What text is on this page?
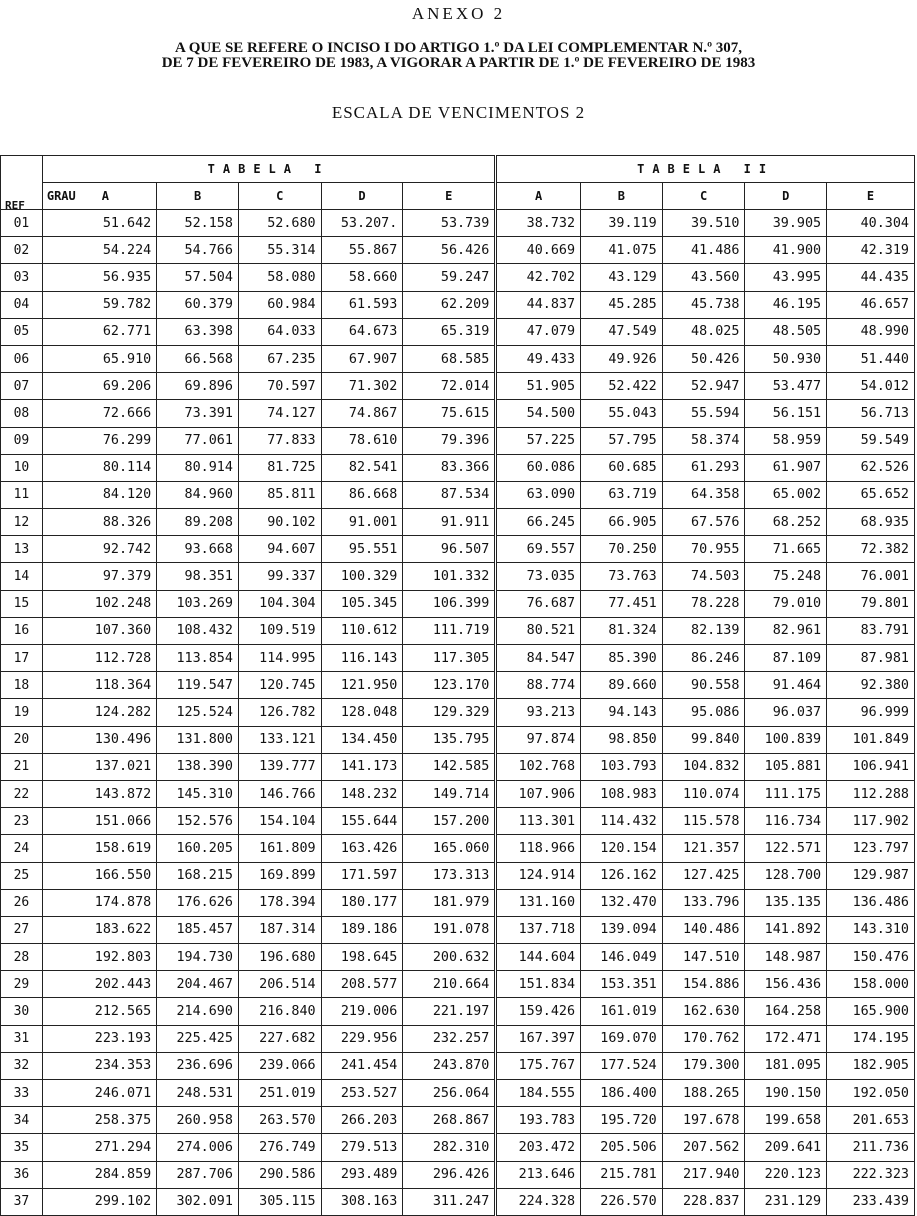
ANEXO 2
A QUE SE REFERE O INCISO I DO ARTIGO 1.º DA LEI COMPLEMENTAR N.º 307,
DE 7 DE FEVEREIRO DE 1983, A VIGORAR A PARTIR DE 1.º DE FEVEREIRO DE 1983
ESCALA DE VENCIMENTOS 2
REF	TABELA I					TABELA II				
	GRAU A	B	C	D	E	A	B	C	D	E
01	51.642	52.158	52.680	53.207.	53.739	38.732	39.119	39.510	39.905	40.304
02	54.224	54.766	55.314	55.867	56.426	40.669	41.075	41.486	41.900	42.319
03	56.935	57.504	58.080	58.660	59.247	42.702	43.129	43.560	43.995	44.435
04	59.782	60.379	60.984	61.593	62.209	44.837	45.285	45.738	46.195	46.657
05	62.771	63.398	64.033	64.673	65.319	47.079	47.549	48.025	48.505	48.990
06	65.910	66.568	67.235	67.907	68.585	49.433	49.926	50.426	50.930	51.440
07	69.206	69.896	70.597	71.302	72.014	51.905	52.422	52.947	53.477	54.012
08	72.666	73.391	74.127	74.867	75.615	54.500	55.043	55.594	56.151	56.713
09	76.299	77.061	77.833	78.610	79.396	57.225	57.795	58.374	58.959	59.549
10	80.114	80.914	81.725	82.541	83.366	60.086	60.685	61.293	61.907	62.526
11	84.120	84.960	85.811	86.668	87.534	63.090	63.719	64.358	65.002	65.652
12	88.326	89.208	90.102	91.001	91.911	66.245	66.905	67.576	68.252	68.935
13	92.742	93.668	94.607	95.551	96.507	69.557	70.250	70.955	71.665	72.382
14	97.379	98.351	99.337	100.329	101.332	73.035	73.763	74.503	75.248	76.001
15	102.248	103.269	104.304	105.345	106.399	76.687	77.451	78.228	79.010	79.801
16	107.360	108.432	109.519	110.612	111.719	80.521	81.324	82.139	82.961	83.791
17	112.728	113.854	114.995	116.143	117.305	84.547	85.390	86.246	87.109	87.981
18	118.364	119.547	120.745	121.950	123.170	88.774	89.660	90.558	91.464	92.380
19	124.282	125.524	126.782	128.048	129.329	93.213	94.143	95.086	96.037	96.999
20	130.496	131.800	133.121	134.450	135.795	97.874	98.850	99.840	100.839	101.849
21	137.021	138.390	139.777	141.173	142.585	102.768	103.793	104.832	105.881	106.941
22	143.872	145.310	146.766	148.232	149.714	107.906	108.983	110.074	111.175	112.288
23	151.066	152.576	154.104	155.644	157.200	113.301	114.432	115.578	116.734	117.902
24	158.619	160.205	161.809	163.426	165.060	118.966	120.154	121.357	122.571	123.797
25	166.550	168.215	169.899	171.597	173.313	124.914	126.162	127.425	128.700	129.987
26	174.878	176.626	178.394	180.177	181.979	131.160	132.470	133.796	135.135	136.486
27	183.622	185.457	187.314	189.186	191.078	137.718	139.094	140.486	141.892	143.310
28	192.803	194.730	196.680	198.645	200.632	144.604	146.049	147.510	148.987	150.476
29	202.443	204.467	206.514	208.577	210.664	151.834	153.351	154.886	156.436	158.000
30	212.565	214.690	216.840	219.006	221.197	159.426	161.019	162.630	164.258	165.900
31	223.193	225.425	227.682	229.956	232.257	167.397	169.070	170.762	172.471	174.195
32	234.353	236.696	239.066	241.454	243.870	175.767	177.524	179.300	181.095	182.905
33	246.071	248.531	251.019	253.527	256.064	184.555	186.400	188.265	190.150	192.050
34	258.375	260.958	263.570	266.203	268.867	193.783	195.720	197.678	199.658	201.653
35	271.294	274.006	276.749	279.513	282.310	203.472	205.506	207.562	209.641	211.736
36	284.859	287.706	290.586	293.489	296.426	213.646	215.781	217.940	220.123	222.323
37	299.102	302.091	305.115	308.163	311.247	224.328	226.570	228.837	231.129	233.439
